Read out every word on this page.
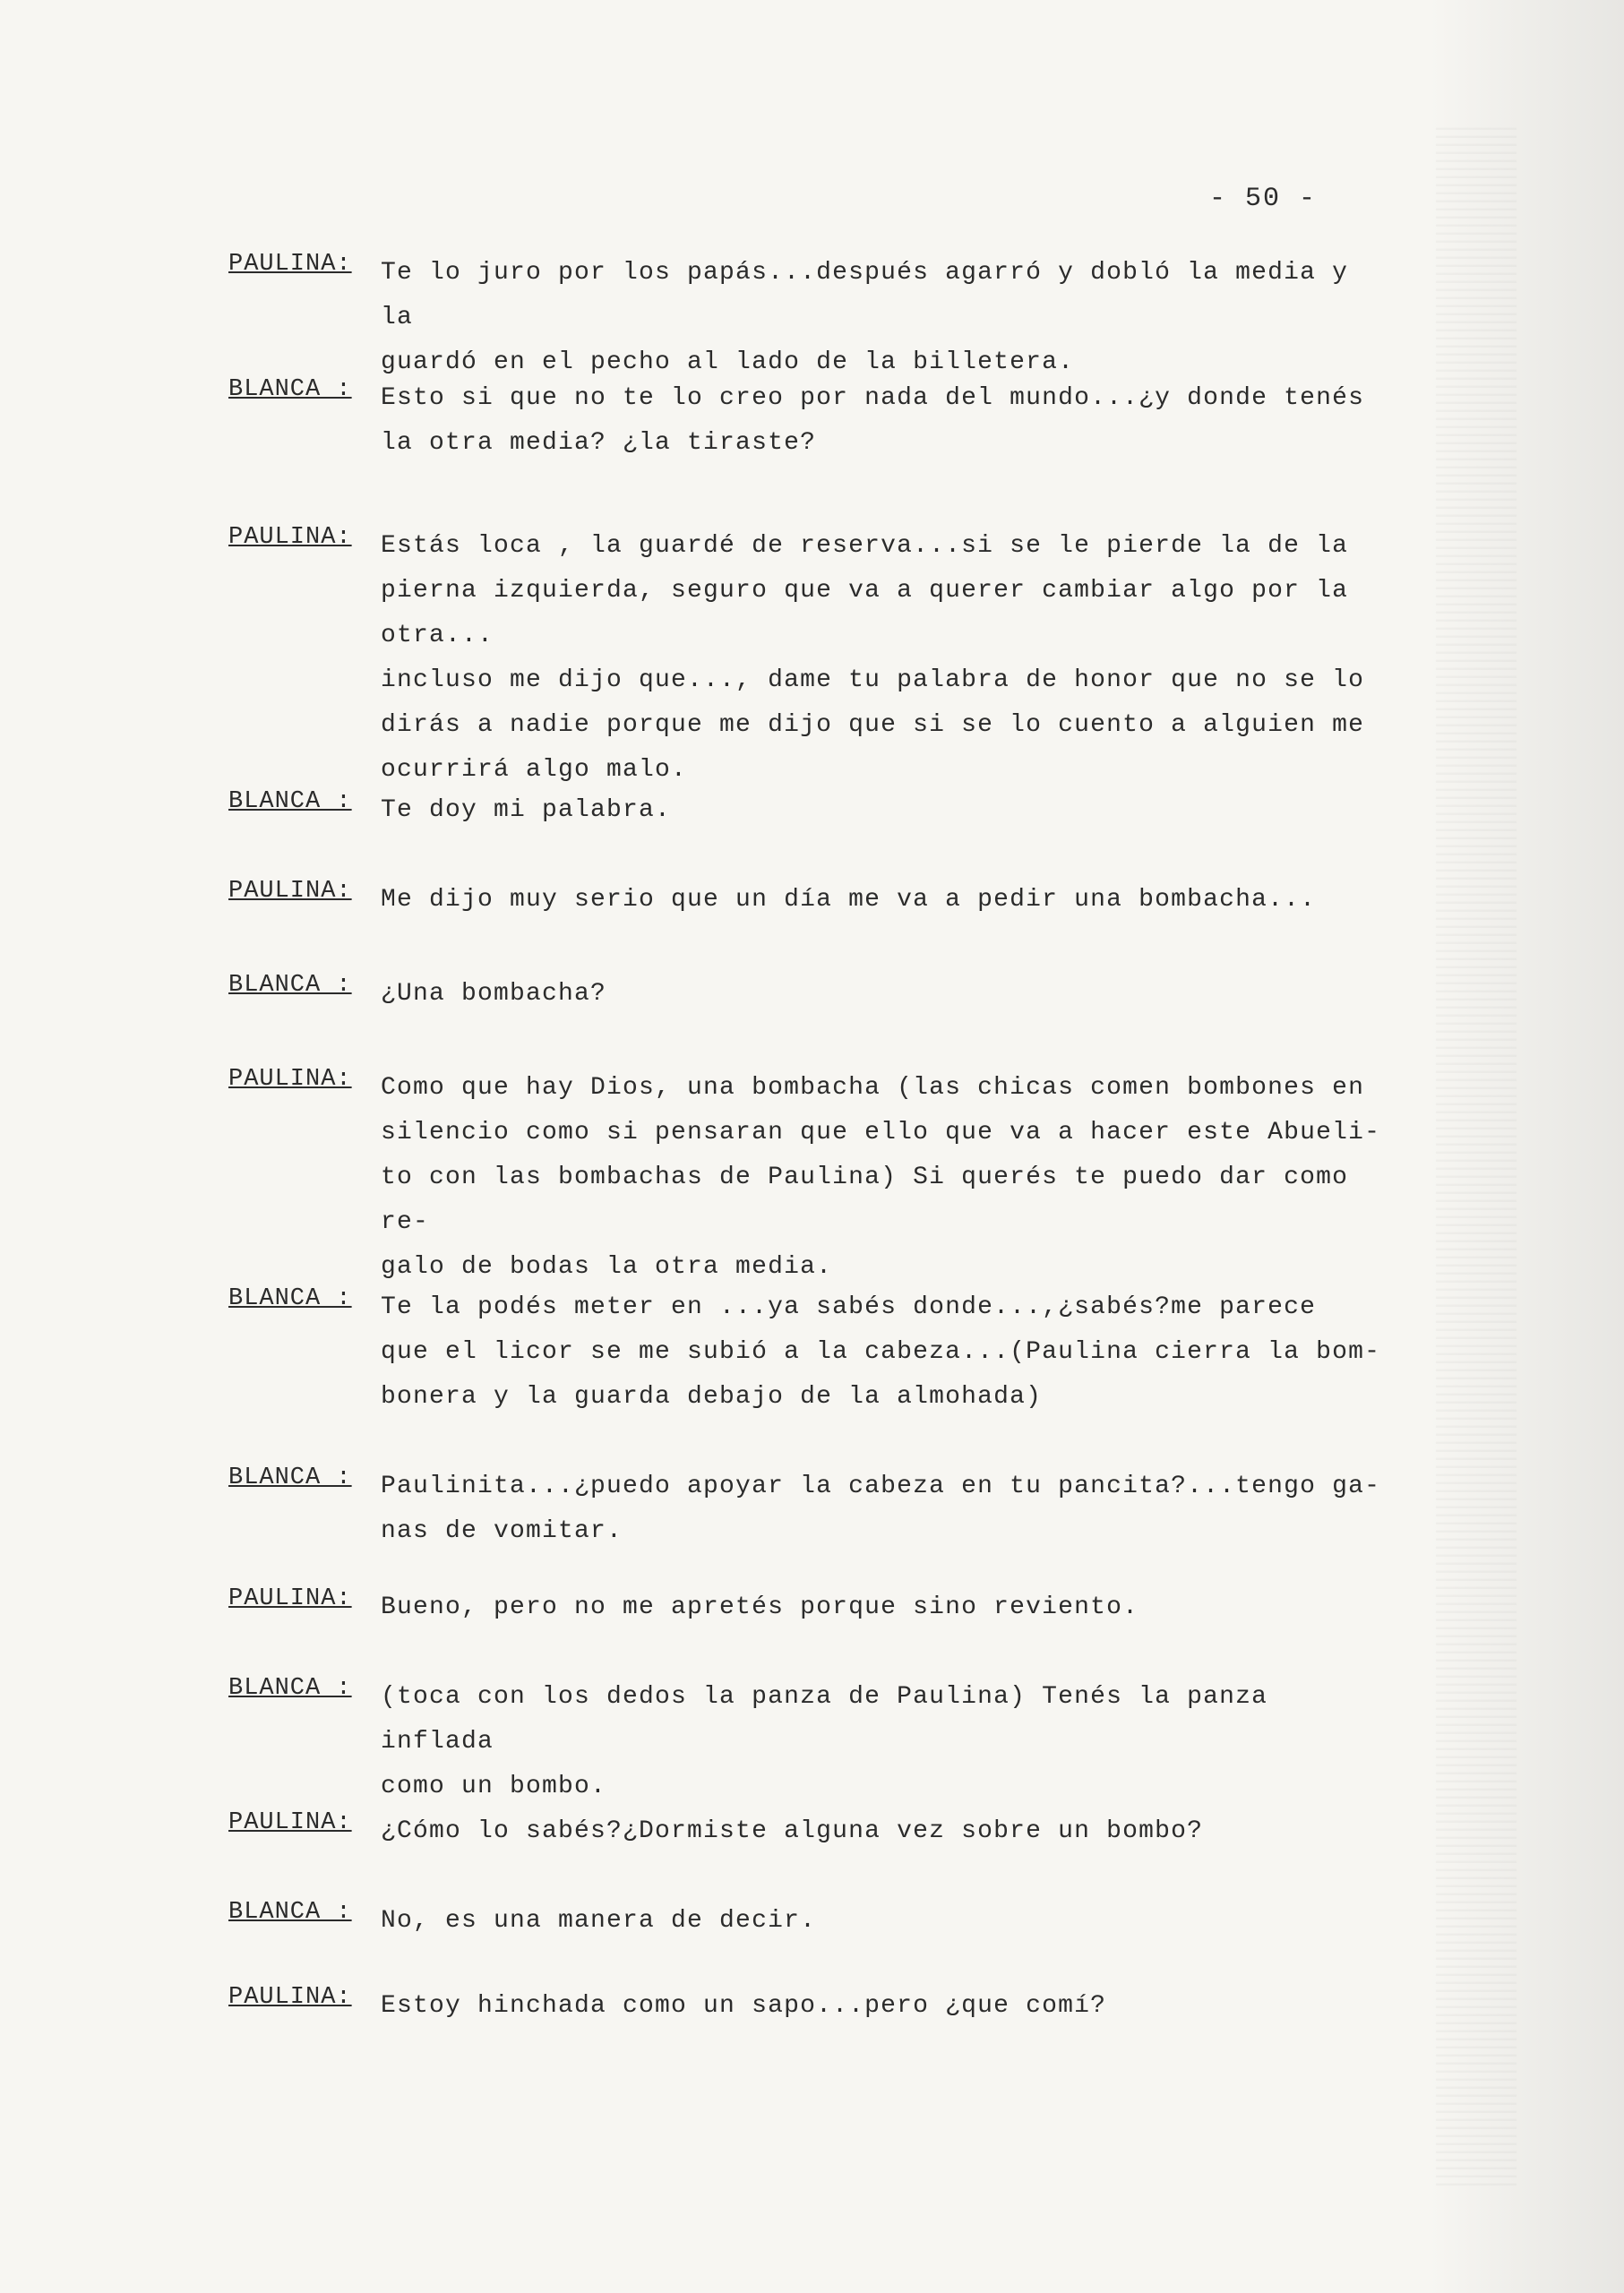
- 50 -
PAULINA: Te lo juro por los papás...después agarró y dobló la media y la
guardó en el pecho al lado de la billetera.

BLANCA : Esto si que no te lo creo por nada del mundo...¿y donde tenés
la otra media? ¿la tiraste?

PAULINA: Estás loca , la guardé de reserva...si se le pierde la de la
pierna izquierda, seguro que va a querer cambiar algo por la otra...
incluso me dijo que..., dame tu palabra de honor que no se lo
dirás a nadie porque me dijo que si se lo cuento a alguien me
ocurrirá algo malo.

BLANCA : Te doy mi palabra.

PAULINA: Me dijo muy serio que un día me va a pedir una bombacha...

BLANCA : ¿Una bombacha?

PAULINA: Como que hay Dios, una bombacha (las chicas comen bombones en
silencio como si pensaran que ello que va a hacer este Abueli-
to con las bombachas de Paulina) Si querés te puedo dar como re-
galo de bodas la otra media.

BLANCA : Te la podés meter en ...ya sabés donde...,¿sabés?me parece
que el licor se me subió a la cabeza...(Paulina cierra la bom-
bonera y la guarda debajo de la almohada)

BLANCA : Paulinita...¿puedo apoyar la cabeza en tu pancita?...tengo ga-
nas de vomitar.

PAULINA: Bueno, pero no me apretés porque sino reviento.

BLANCA : (toca con los dedos la panza de Paulina) Tenés la panza inflada
como un bombo.

PAULINA: ¿Cómo lo sabés?¿Dormiste alguna vez sobre un bombo?

BLANCA : No, es una manera de decir.

PAULINA: Estoy hinchada como un sapo...pero ¿que comí?
